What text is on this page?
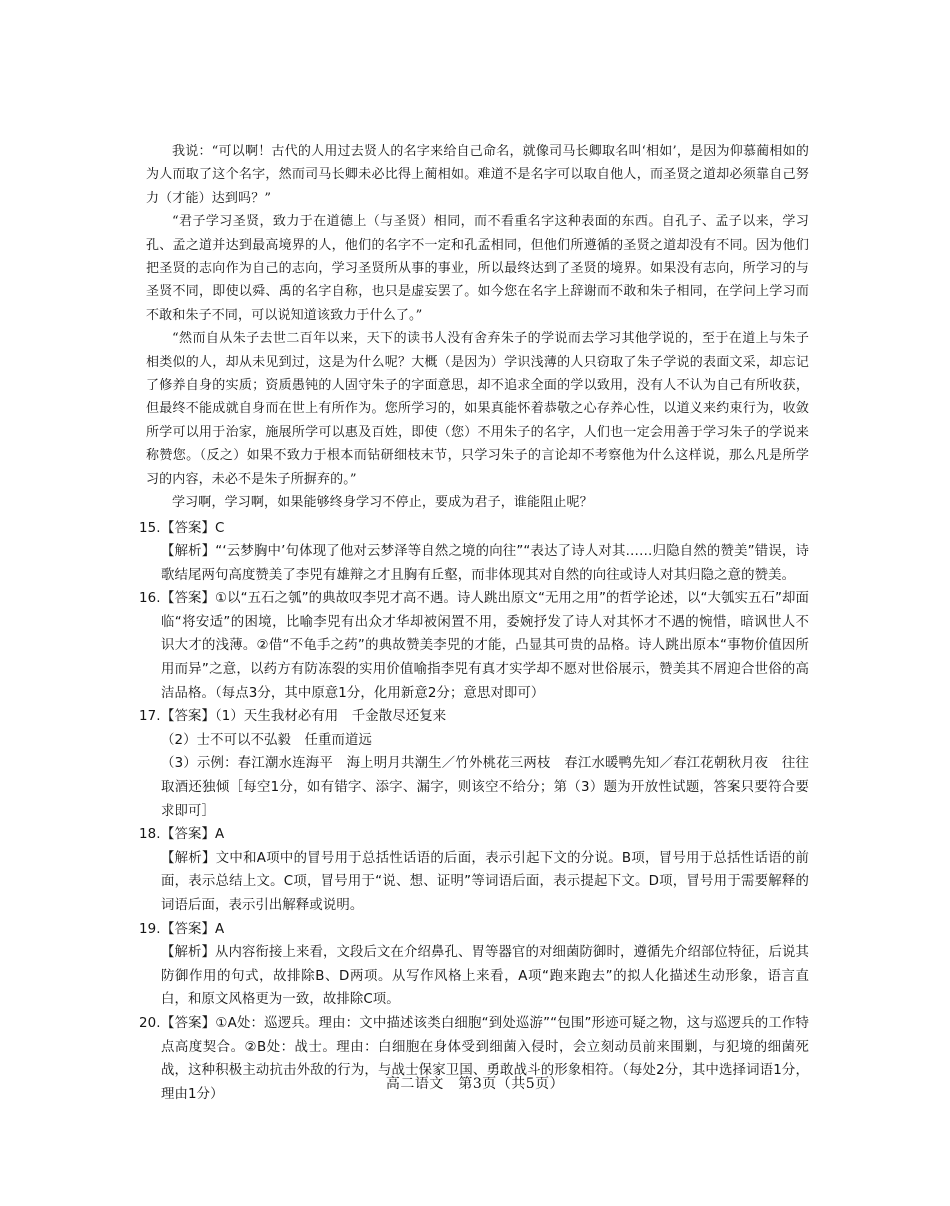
我说：“可以啊！古代的人用过去贤人的名字来给自己命名，就像司马长卿取名叫‘相如’，是因为仰慕蔺相如的为人而取了这个名字，然而司马长卿未必比得上蔺相如。难道不是名字可以取自他人，而圣贤之道却必须靠自己努力（才能）达到吗？”

“君子学习圣贤，致力于在道德上（与圣贤）相同，而不看重名字这种表面的东西。自孔子、孟子以来，学习孔、孟之道并达到最高境界的人，他们的名字不一定和孔孟相同，但他们所遵循的圣贤之道却没有不同。因为他们把圣贤的志向作为自己的志向，学习圣贤所从事的事业，所以最终达到了圣贤的境界。如果没有志向，所学习的与圣贤不同，即使以舜、禹的名字自称，也只是虚妄罢了。如今您在名字上辞谢而不敢和朱子相同，在学问上学习而不敢和朱子不同，可以说知道该致力于什么了。”

“然而自从朱子去世二百年以来，天下的读书人没有舍弃朱子的学说而去学习其他学说的，至于在道上与朱子相类似的人，却从未见到过，这是为什么呢？大概（是因为）学识浅薄的人只窃取了朱子学说的表面文采，却忘记了修养自身的实质；资质愚钝的人固守朱子的字面意思，却不追求全面的学以致用，没有人不认为自己有所收获，但最终不能成就自身而在世上有所作为。您所学习的，如果真能怀着恭敬之心存养心性，以道义来约束行为，收敛所学可以用于治家，施展所学可以惠及百姓，即使（您）不用朱子的名字，人们也一定会用善于学习朱子的学说来称赞您。（反之）如果不致力于根本而钻研细枝末节，只学习朱子的言论却不考察他为什么这样说，那么凡是所学习的内容，未必不是朱子所摒弃的。”

学习啊，学习啊，如果能够终身学习不停止，要成为君子，谁能阻止呢？

15. 【答案】C

【解析】“‘云梦胸中’句体现了他对云梦泽等自然之境的向往”“表达了诗人对其……归隐自然的赞美”错误，诗歌结尾两句高度赞美了李兕有雄辩之才且胸有丘壑，而非体现其对自然的向往或诗人对其归隐之意的赞美。

16. 【答案】①以“五石之瓠”的典故叹李兕才高不遇。诗人跳出原文“无用之用”的哲学论述，以“大瓠实五石”却面临“将安适”的困境，比喻李兕有出众才华却被闲置不用，委婉抒发了诗人对其怀才不遇的惋惜，暗讽世人不识大才的浅薄。②借“不龟手之药”的典故赞美李兕的才能，凸显其可贵的品格。诗人跳出原本“事物价值因所用而异”之意，以药方有防冻裂的实用价值喻指李兕有真才实学却不愿对世俗展示，赞美其不屑迎合世俗的高洁品格。（每点3分，其中原意1分，化用新意2分；意思对即可）

17. 【答案】（1）天生我材必有用　千金散尽还复来

（2）士不可以不弘毅　任重而道远

（3）示例：春江潮水连海平　海上明月共潮生／竹外桃花三两枝　春江水暖鸭先知／春江花朝秋月夜　往往取酒还独倾［每空1分，如有错字、添字、漏字，则该空不给分；第（3）题为开放性试题，答案只要符合要求即可］

18. 【答案】A

【解析】文中和A项中的冒号用于总括性话语的后面，表示引起下文的分说。B项，冒号用于总括性话语的前面，表示总结上文。C项，冒号用于“说、想、证明”等词语后面，表示提起下文。D项，冒号用于需要解释的词语后面，表示引出解释或说明。

19. 【答案】A

【解析】从内容衔接上来看，文段后文在介绍鼻孔、胃等器官的对细菌防御时，遵循先介绍部位特征，后说其防御作用的句式，故排除B、D两项。从写作风格上来看，A项“跑来跑去”的拟人化描述生动形象，语言直白，和原文风格更为一致，故排除C项。

20. 【答案】①A处：巡逻兵。理由：文中描述该类白细胞“到处巡游”“包围”形迹可疑之物，这与巡逻兵的工作特点高度契合。②B处：战士。理由：白细胞在身体受到细菌入侵时，会立刻动员前来围剿，与犯境的细菌死战，这种积极主动抗击外敌的行为，与战士保家卫国、勇敢战斗的形象相符。（每处2分，其中选择词语1分，理由1分）

高二语文　第3页（共5页）
